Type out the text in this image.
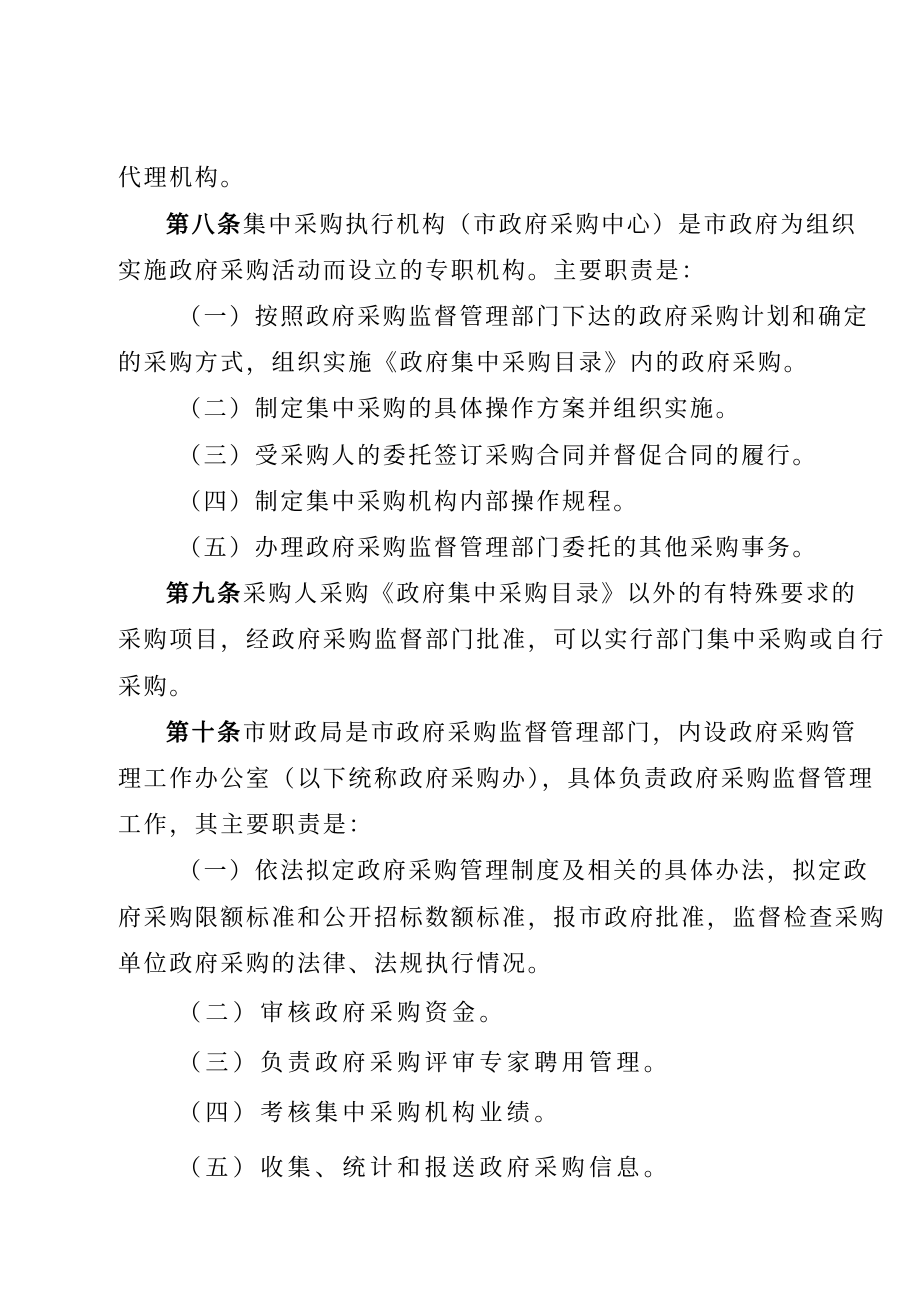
代理机构。
第八条集中采购执行机构（市政府采购中心）是市政府为组织
实施政府采购活动而设立的专职机构。主要职责是：
（一）按照政府采购监督管理部门下达的政府采购计划和确定
的采购方式，组织实施《政府集中采购目录》内的政府采购。
（二）制定集中采购的具体操作方案并组织实施。
（三）受采购人的委托签订采购合同并督促合同的履行。
（四）制定集中采购机构内部操作规程。
（五）办理政府采购监督管理部门委托的其他采购事务。
第九条采购人采购《政府集中采购目录》以外的有特殊要求的
采购项目，经政府采购监督部门批准，可以实行部门集中采购或自行
采购。
第十条市财政局是市政府采购监督管理部门，内设政府采购管
理工作办公室（以下统称政府采购办），具体负责政府采购监督管理
工作，其主要职责是：
（一）依法拟定政府采购管理制度及相关的具体办法，拟定政
府采购限额标准和公开招标数额标准，报市政府批准，监督检查采购
单位政府采购的法律、法规执行情况。
（二）审核政府采购资金。
（三）负责政府采购评审专家聘用管理。
（四）考核集中采购机构业绩。
（五）收集、统计和报送政府采购信息。
